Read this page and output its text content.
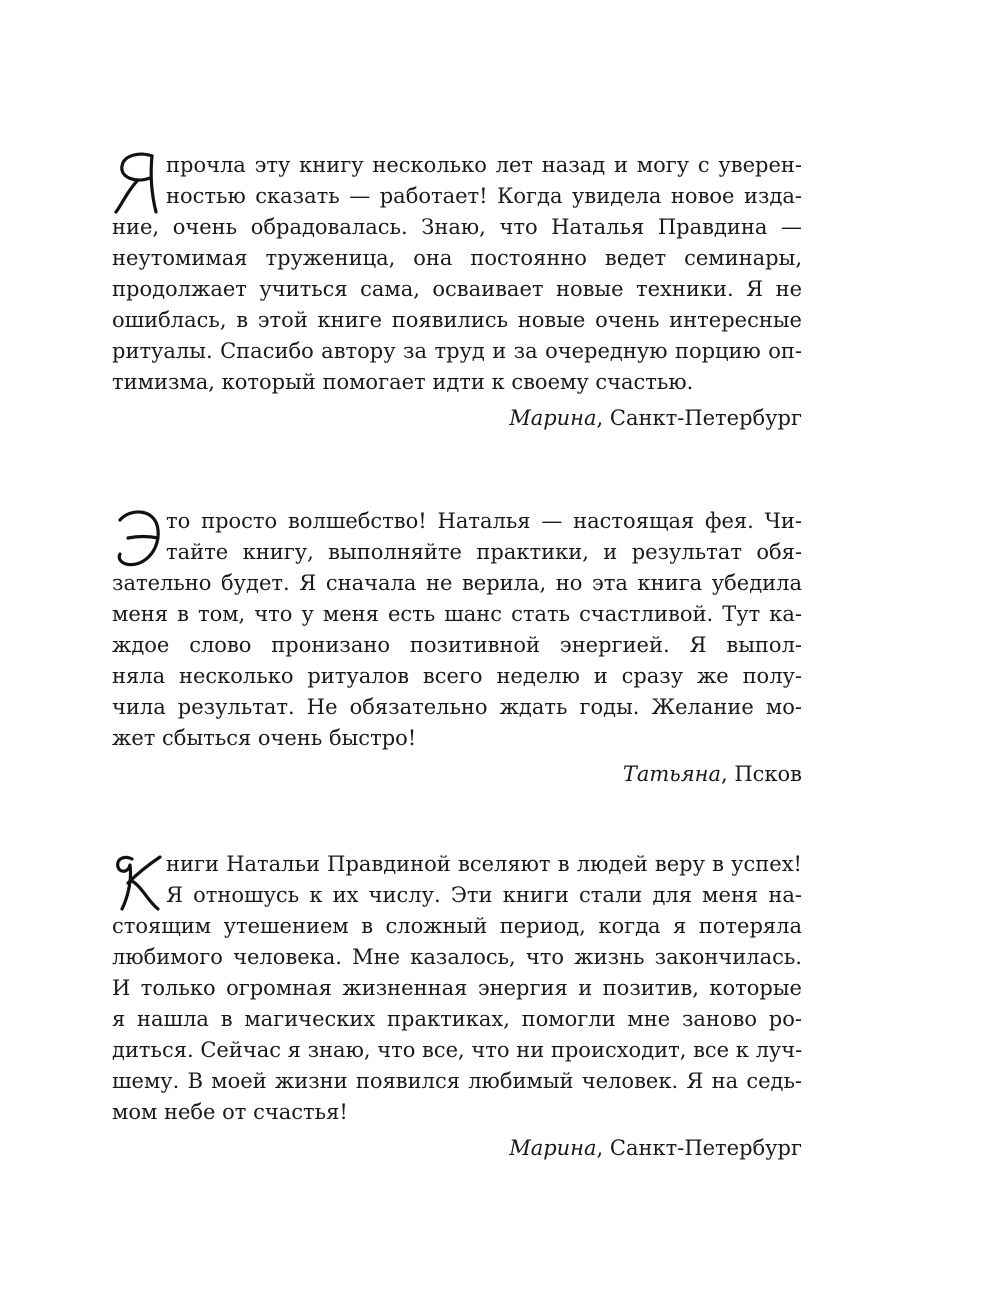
прочла эту книгу несколько лет назад и могу с уверен-
ностью сказать — работает! Когда увидела новое изда-
ние, очень обрадовалась. Знаю, что Наталья Правдина —
неутомимая труженица, она постоянно ведет семинары,
продолжает учиться сама, осваивает новые техники. Я не
ошиблась, в этой книге появились новые очень интересные
ритуалы. Спасибо автору за труд и за очередную порцию оп-
тимизма, который помогает идти к своему счастью.
Марина, Санкт-Петербург
то просто волшебство! Наталья — настоящая фея. Чи-
тайте книгу, выполняйте практики, и результат обя-
зательно будет. Я сначала не верила, но эта книга убедила
меня в том, что у меня есть шанс стать счастливой. Тут ка-
ждое слово пронизано позитивной энергией. Я выпол-
няла несколько ритуалов всего неделю и сразу же полу-
чила результат. Не обязательно ждать годы. Желание мо-
жет сбыться очень быстро!
Татьяна, Псков
ниги Натальи Правдиной вселяют в людей веру в успех!
Я отношусь к их числу. Эти книги стали для меня на-
стоящим утешением в сложный период, когда я потеряла
любимого человека. Мне казалось, что жизнь закончилась.
И только огромная жизненная энергия и позитив, которые
я нашла в магических практиках, помогли мне заново ро-
диться. Сейчас я знаю, что все, что ни происходит, все к луч-
шему. В моей жизни появился любимый человек. Я на седь-
мом небе от счастья!
Марина, Санкт-Петербург
